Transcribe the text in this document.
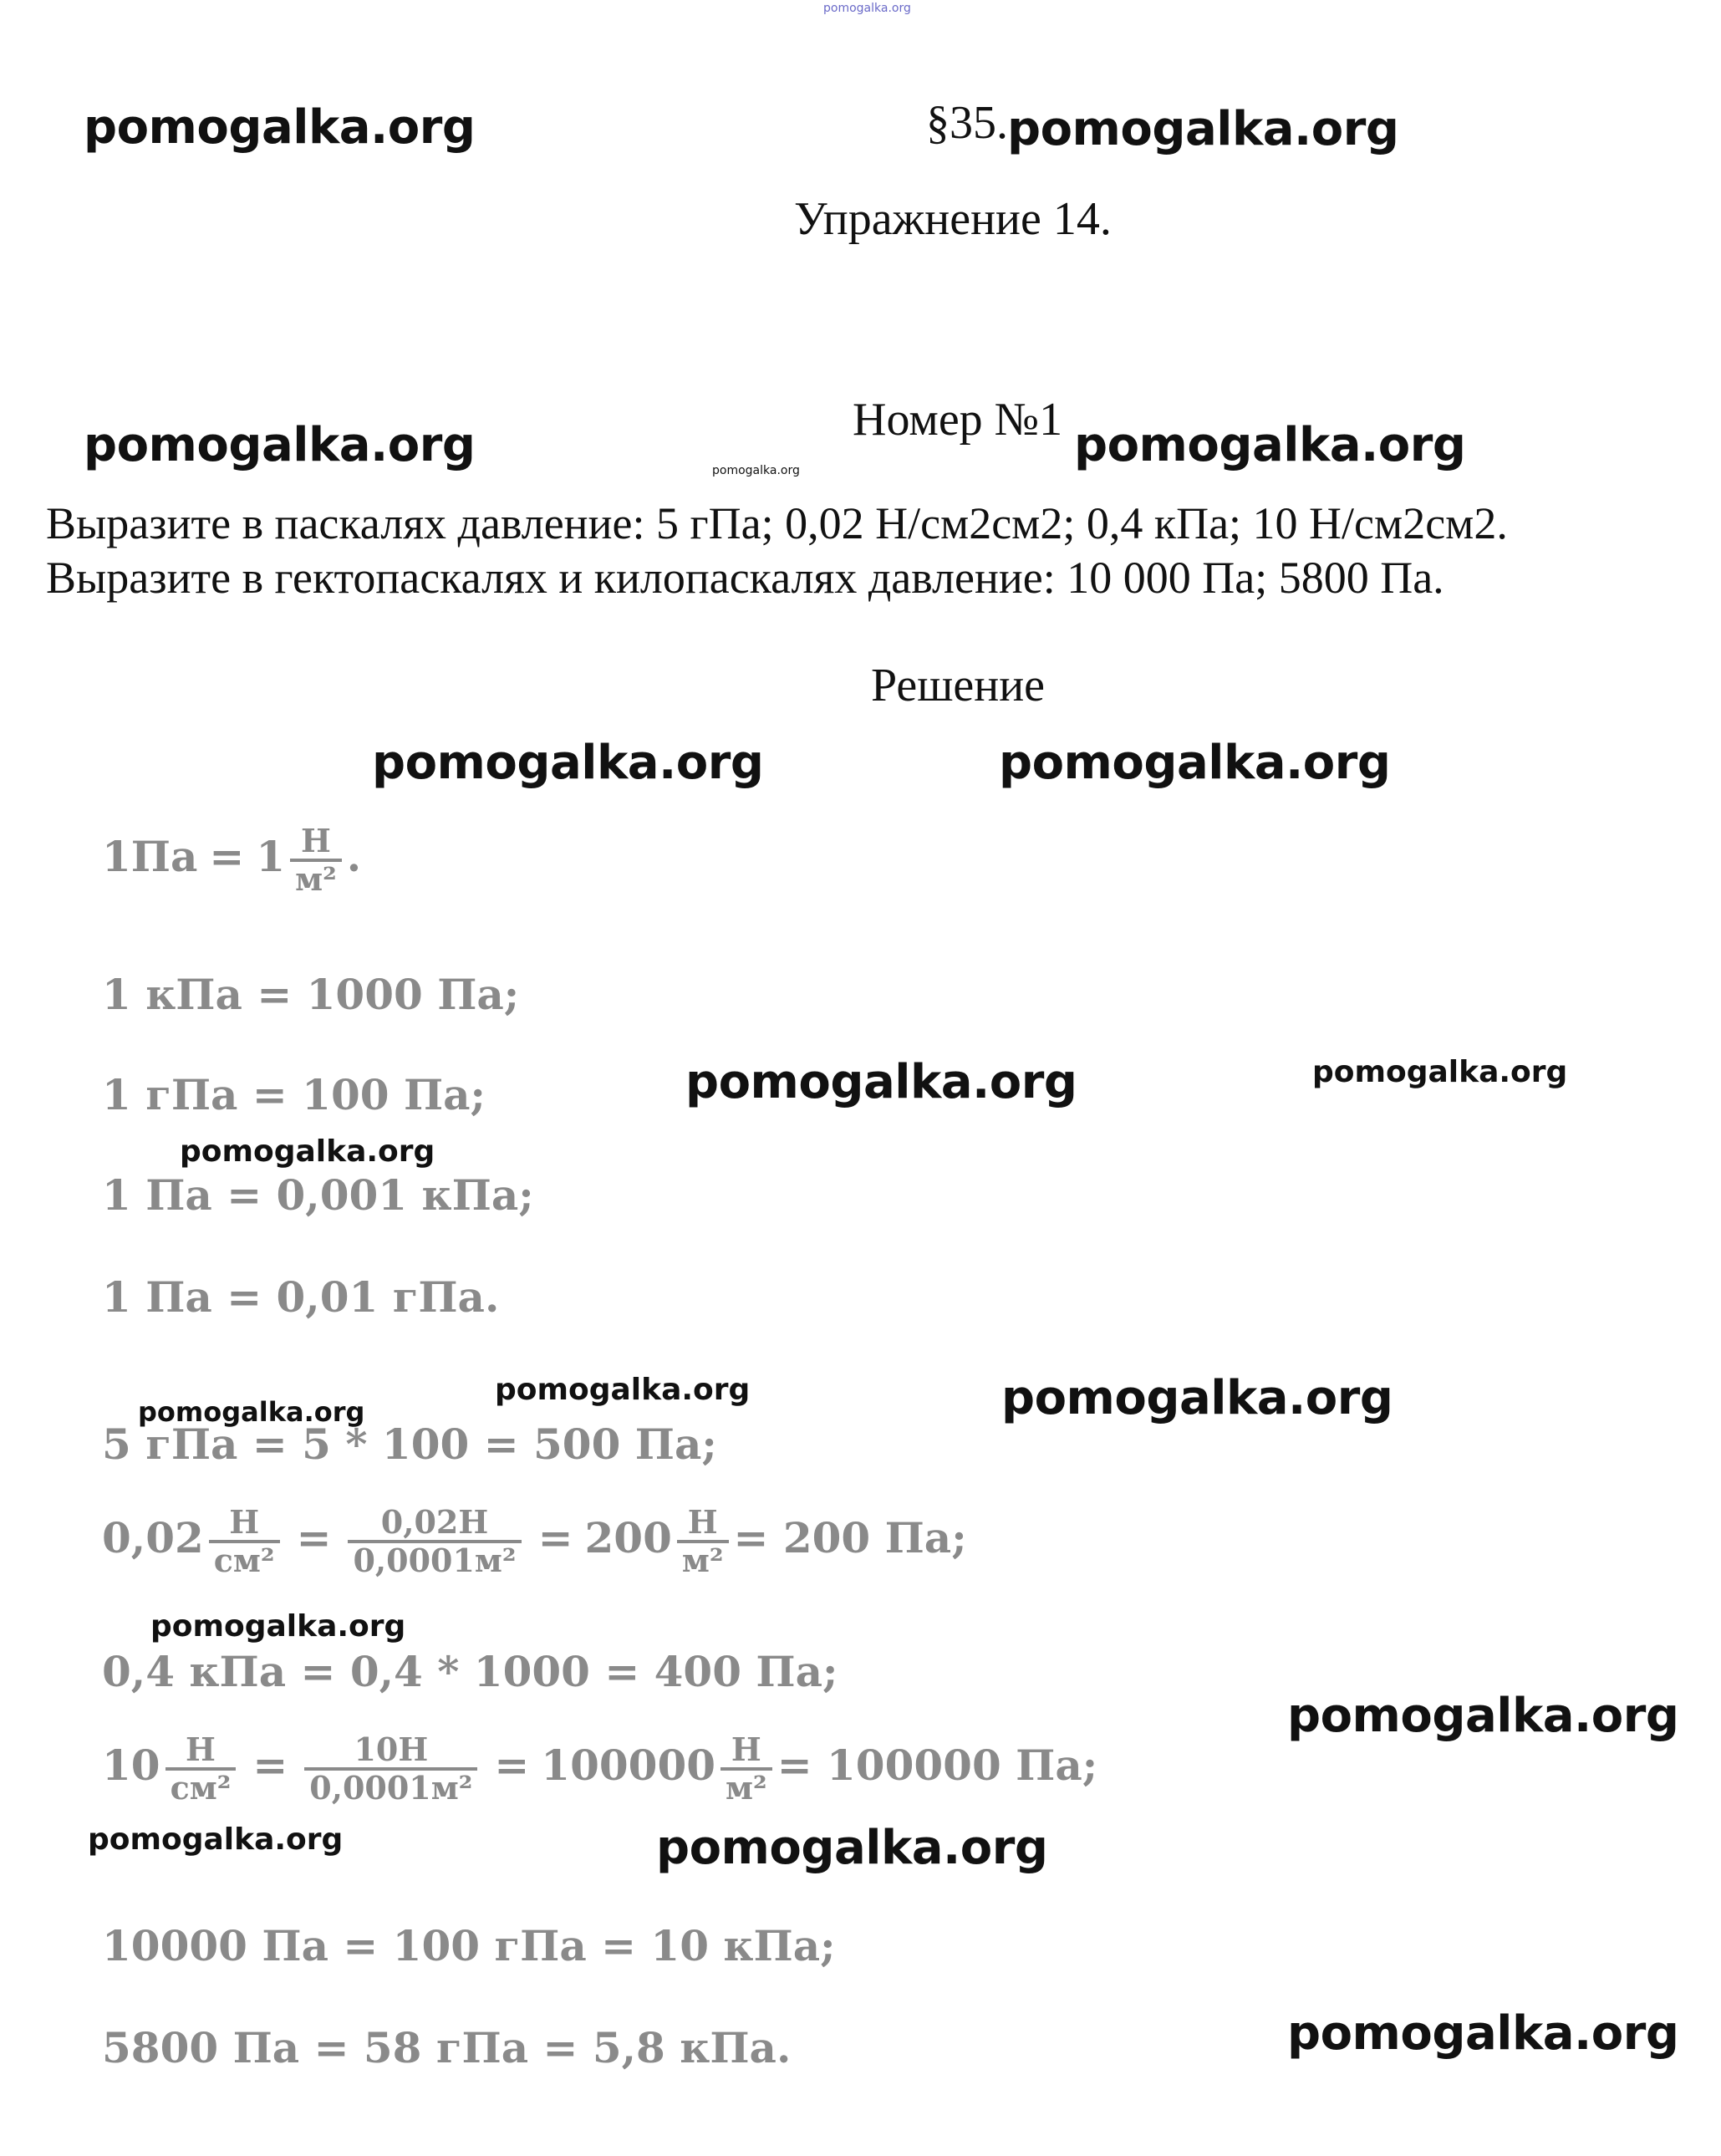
pomogalka.org
pomogalka.org	§35. pomogalka.org
Упражнение 14.
Номер №1
pomogalka.org	pomogalka.org	pomogalka.org
Выразите в паскалях давление: 5 гПа; 0,02 Н/см2см2; 0,4 кПа; 10 Н/см2см2.
Выразите в гектопаскалях и килопаскалях давление: 10 000 Па; 5800 Па.
Решение
pomogalka.org	pomogalka.org
$1Па = 1 \frac{Н}{\text{м²}}$ .
1 кПа = 1000 Па;
1 гПа = 100 Па;	pomogalka.org	pomogalka.org
pomogalka.org
1 Па = 0,001 кПа;
1 Па = 0,01 гПа.
pomogalka.org
pomogalka.org	pomogalka.org
5 гПа = 5 * 100 = 500 Па;
$0,02 \frac{Н}{\text{см²}} = \frac{0,02Н}{\text{0,0001м²}} = 200 \frac{Н}{\text{м²}} = 200$ Па;
pomogalka.org
0,4 кПа = 0,4 * 1000 = 400 Па;
pomogalka.org
$10 \frac{Н}{\text{см²}} = \frac{10Н}{\text{0,0001м²}} = 100000 \frac{Н}{\text{м²}} = 100000$ Па;
pomogalka.org	pomogalka.org
10000 Па = 100 гПа = 10 кПа;
5800 Па = 58 гПа = 5,8 кПа.	pomogalka.org
